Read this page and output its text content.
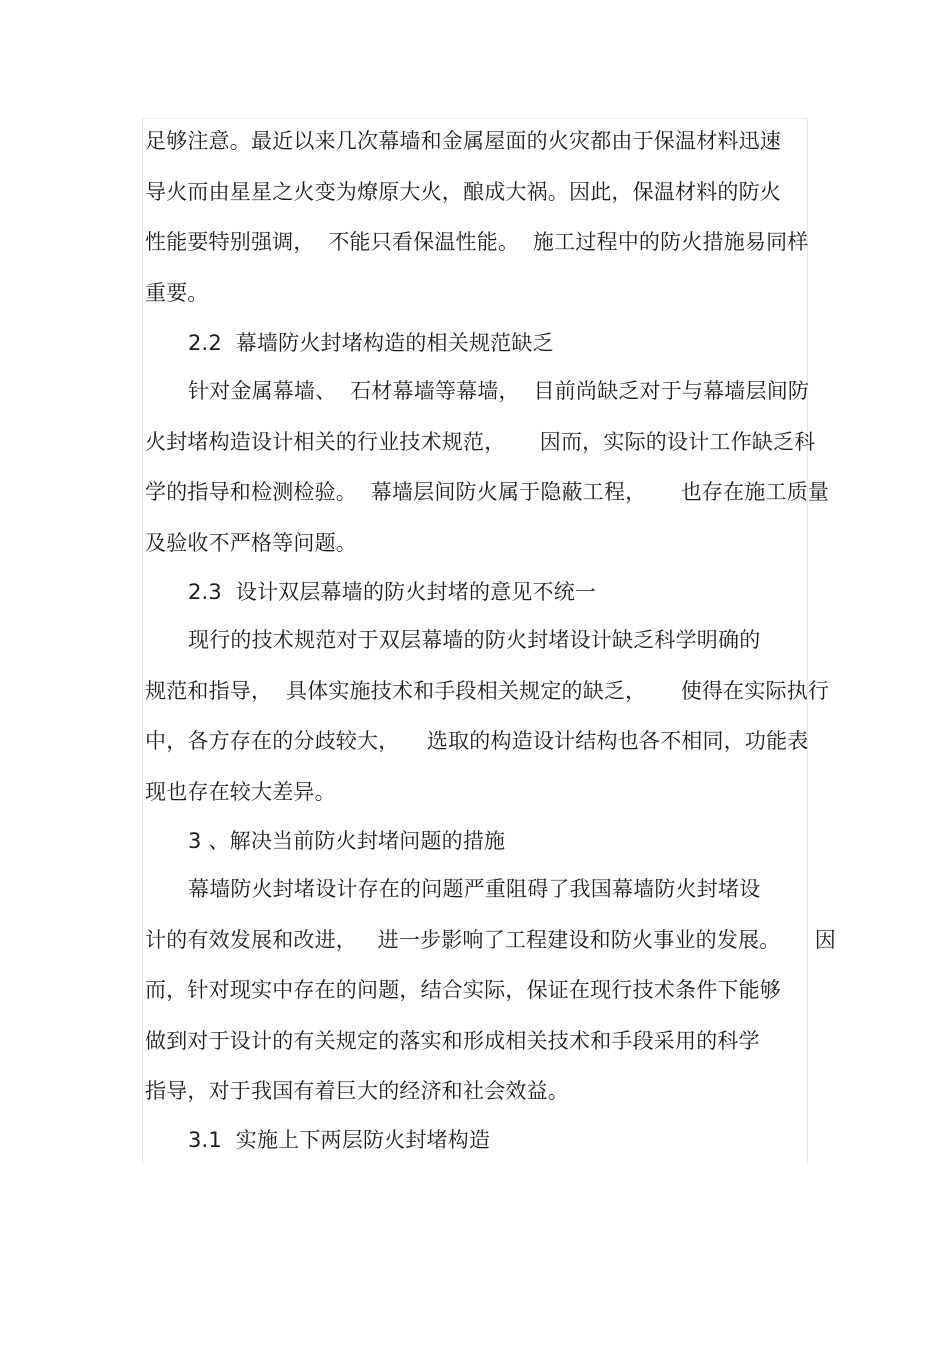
足够注意。最近以来几次幕墙和金属屋面的火灾都由于保温材料迅速
导火而由星星之火变为燎原大火，酿成大祸。因此，保温材料的防火
性能要特别强调，  不能只看保温性能。  施工过程中的防火措施易同样
重要。
2.2  幕墙防火封堵构造的相关规范缺乏
针对金属幕墙、  石材幕墙等幕墙，  目前尚缺乏对于与幕墙层间防
火封堵构造设计相关的行业技术规范，     因而，实际的设计工作缺乏科
学的指导和检测检验。  幕墙层间防火属于隐蔽工程，     也存在施工质量
及验收不严格等问题。
2.3  设计双层幕墙的防火封堵的意见不统一
现行的技术规范对于双层幕墙的防火封堵设计缺乏科学明确的
规范和指导，  具体实施技术和手段相关规定的缺乏，     使得在实际执行
中，各方存在的分歧较大，    选取的构造设计结构也各不相同，功能表
现也存在较大差异。
3 、解决当前防火封堵问题的措施
幕墙防火封堵设计存在的问题严重阻碍了我国幕墙防火封堵设
计的有效发展和改进，   进一步影响了工程建设和防火事业的发展。     因
而，针对现实中存在的问题，结合实际，保证在现行技术条件下能够
做到对于设计的有关规定的落实和形成相关技术和手段采用的科学
指导，对于我国有着巨大的经济和社会效益。
3.1  实施上下两层防火封堵构造
